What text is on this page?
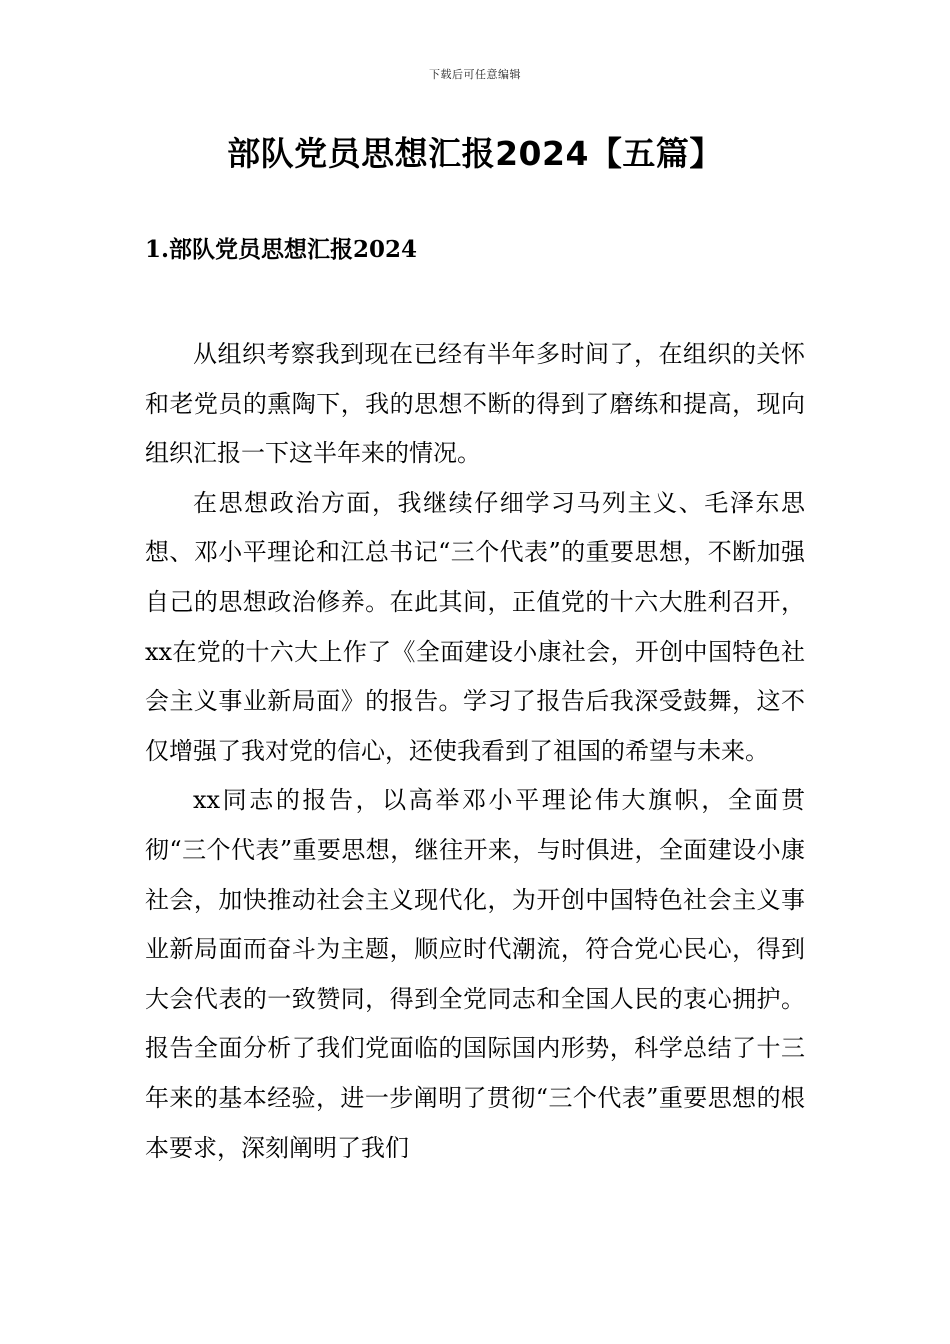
下载后可任意编辑
部队党员思想汇报2024【五篇】
1.部队党员思想汇报2024

从组织考察我到现在已经有半年多时间了，在组织的关怀和老党员的熏陶下，我的思想不断的得到了磨练和提高，现向组织汇报一下这半年来的情况。

在思想政治方面，我继续仔细学习马列主义、毛泽东思想、邓小平理论和江总书记“三个代表”的重要思想，不断加强自己的思想政治修养。在此其间，正值党的十六大胜利召开，xx在党的十六大上作了《全面建设小康社会，开创中国特色社会主义事业新局面》的报告。学习了报告后我深受鼓舞，这不仅增强了我对党的信心，还使我看到了祖国的希望与未来。

xx同志的报告，以高举邓小平理论伟大旗帜，全面贯彻“三个代表”重要思想，继往开来，与时俱进，全面建设小康社会，加快推动社会主义现代化，为开创中国特色社会主义事业新局面而奋斗为主题，顺应时代潮流，符合党心民心，得到大会代表的一致赞同，得到全党同志和全国人民的衷心拥护。报告全面分析了我们党面临的国际国内形势，科学总结了十三年来的基本经验，进一步阐明了贯彻“三个代表”重要思想的根本要求，深刻阐明了我们
